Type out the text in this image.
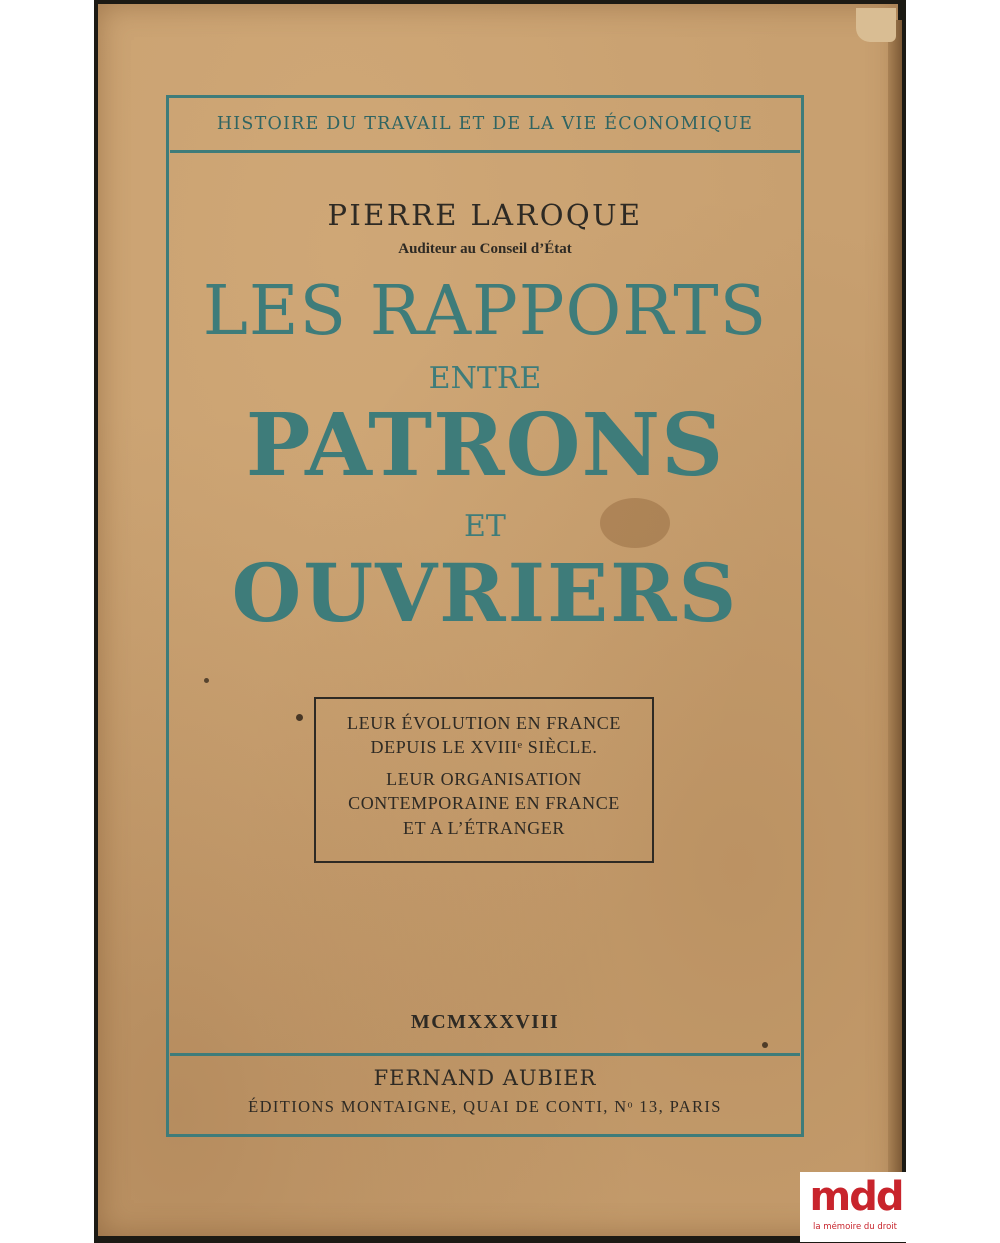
HISTOIRE DU TRAVAIL ET DE LA VIE ÉCONOMIQUE

PIERRE LAROQUE

Auditeur au Conseil d’État

LES RAPPORTS

ENTRE

PATRONS

ET

OUVRIERS

LEUR ÉVOLUTION EN FRANCE

DEPUIS LE XVIIIᵉ SIÈCLE.

LEUR ORGANISATION

CONTEMPORAINE EN FRANCE

ET A L’ÉTRANGER

MCMXXXVIII

FERNAND AUBIER

ÉDITIONS MONTAIGNE, QUAI DE CONTI, Nᵒ 13, PARIS

mdd

la mémoire du droit
